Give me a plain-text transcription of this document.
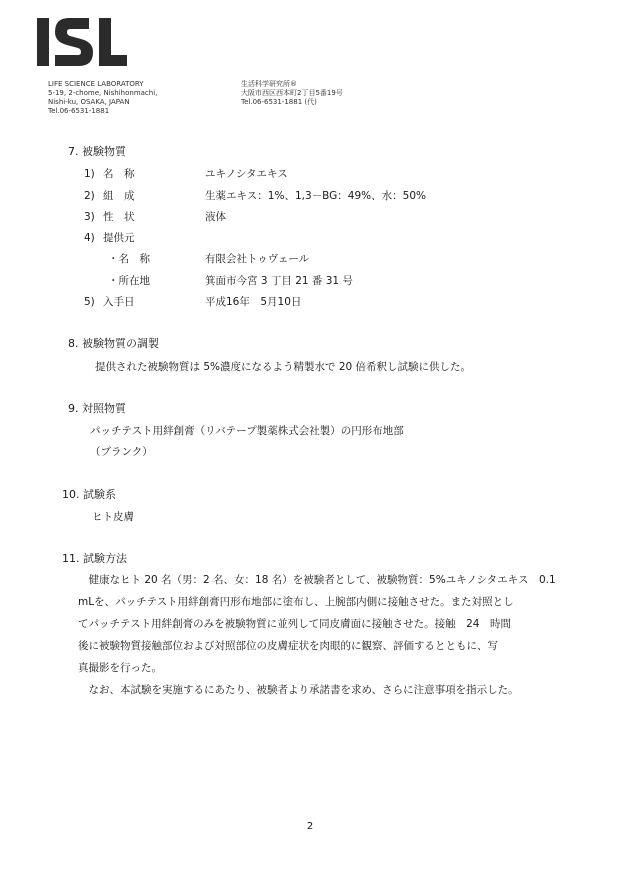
LIFE SCIENCE LABORATORY
5-19, 2-chome, Nishihonmachi,
Nishi-ku, OSAKA, JAPAN
Tel.06-6531-1881
生活科学研究所®
大阪市西区西本町2丁目5番19号
Tel.06-6531-1881 (代)
7. 被験物質
1) 名　称	ユキノシタエキス
2) 組　成	生薬エキス：1%、1,3－BG：49%、水：50%
3) 性　状	液体
4) 提供元
・名　称	有限会社トゥヴェール
・所在地	箕面市今宮 3 丁目 21 番 31 号
5) 入手日	平成16年　5月10日
8. 被験物質の調製
提供された被験物質は 5%濃度になるよう精製水で 20 倍希釈し試験に供した。
9. 対照物質
パッチテスト用絆創膏（リバテープ製薬株式会社製）の円形布地部
（ブランク）
10. 試験系
ヒト皮膚
11. 試験方法
　健康なヒト 20 名（男：2 名、女：18 名）を被験者として、被験物質：5%ユキノシタエキス　0.1
mLを、パッチテスト用絆創膏円形布地部に塗布し、上腕部内側に接触させた。また対照とし
てパッチテスト用絆創膏のみを被験物質に並列して同皮膚面に接触させた。接触　24　時間
後に被験物質接触部位および対照部位の皮膚症状を肉眼的に観察、評価するとともに、写
真撮影を行った。
　なお、本試験を実施するにあたり、被験者より承諾書を求め、さらに注意事項を指示した。
2
